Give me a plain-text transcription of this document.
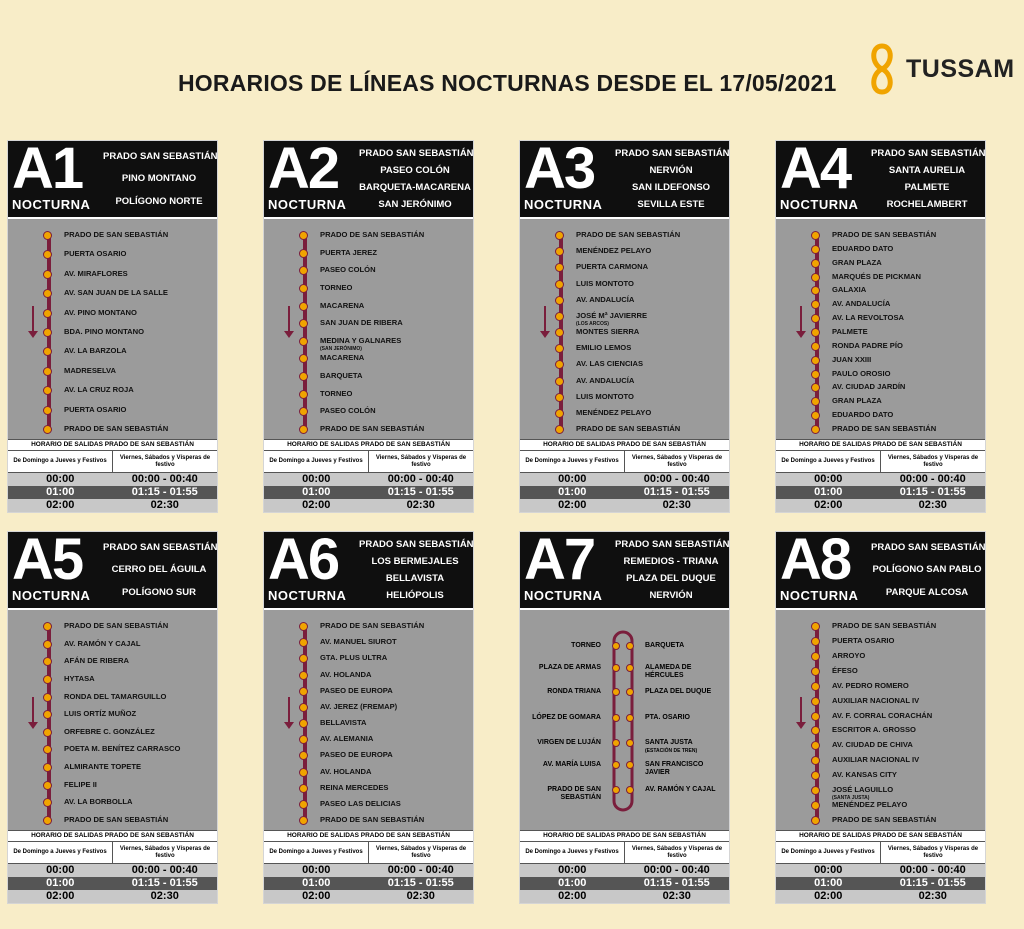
HORARIOS DE LÍNEAS NOCTURNAS DESDE EL 17/05/2021
TUSSAM
A1
NOCTURNA
PRADO SAN SEBASTIÁN
PINO MONTANO
POLÍGONO NORTE
PRADO DE SAN SEBASTIÁN
PUERTA OSARIO
AV. MIRAFLORES
AV. SAN JUAN DE LA SALLE
AV. PINO MONTANO
BDA. PINO MONTANO
AV. LA BARZOLA
MADRESELVA
AV. LA CRUZ ROJA
PUERTA OSARIO
PRADO DE SAN SEBASTIÁN
HORARIO DE SALIDAS PRADO DE SAN SEBASTIÁN
De Domingo a Jueves y Festivos
Viernes, Sábados y Vísperas de festivo
00:00	00:00 - 00:40
01:00	01:15 - 01:55
02:00	02:30
A2
NOCTURNA
PRADO SAN SEBASTIÁN
PASEO COLÓN
BARQUETA-MACARENA
SAN JERÓNIMO
PRADO DE SAN SEBASTIÁN
PUERTA JEREZ
PASEO COLÓN
TORNEO
MACARENA
SAN JUAN DE RIBERA
MEDINA Y GALNARES
(SAN JERÓNIMO)
MACARENA
BARQUETA
TORNEO
PASEO COLÓN
PRADO DE SAN SEBASTIÁN
HORARIO DE SALIDAS PRADO DE SAN SEBASTIÁN
De Domingo a Jueves y Festivos
Viernes, Sábados y Vísperas de festivo
00:00	00:00 - 00:40
01:00	01:15 - 01:55
02:00	02:30
A3
NOCTURNA
PRADO SAN SEBASTIÁN
NERVIÓN
SAN ILDEFONSO
SEVILLA ESTE
PRADO DE SAN SEBASTIÁN
MENÉNDEZ PELAYO
PUERTA CARMONA
LUIS MONTOTO
AV. ANDALUCÍA
JOSÉ Mª JAVIERRE
(LOS ARCOS)
MONTES SIERRA
EMILIO LEMOS
AV. LAS CIENCIAS
AV. ANDALUCÍA
LUIS MONTOTO
MENÉNDEZ PELAYO
PRADO DE SAN SEBASTIÁN
HORARIO DE SALIDAS PRADO DE SAN SEBASTIÁN
De Domingo a Jueves y Festivos
Viernes, Sábados y Vísperas de festivo
00:00	00:00 - 00:40
01:00	01:15 - 01:55
02:00	02:30
A4
NOCTURNA
PRADO SAN SEBASTIÁN
SANTA AURELIA
PALMETE
ROCHELAMBERT
PRADO DE SAN SEBASTIÁN
EDUARDO DATO
GRAN PLAZA
MARQUÉS DE PICKMAN
GALAXIA
AV. ANDALUCÍA
AV. LA REVOLTOSA
PALMETE
RONDA PADRE PÍO
JUAN XXIII
PAULO OROSIO
AV. CIUDAD JARDÍN
GRAN PLAZA
EDUARDO DATO
PRADO DE SAN SEBASTIÁN
HORARIO DE SALIDAS PRADO DE SAN SEBASTIÁN
De Domingo a Jueves y Festivos
Viernes, Sábados y Vísperas de festivo
00:00	00:00 - 00:40
01:00	01:15 - 01:55
02:00	02:30
A5
NOCTURNA
PRADO SAN SEBASTIÁN
CERRO DEL ÁGUILA
POLÍGONO SUR
PRADO DE SAN SEBASTIÁN
AV. RAMÓN Y CAJAL
AFÁN DE RIBERA
HYTASA
RONDA DEL TAMARGUILLO
LUIS ORTÍZ MUÑOZ
ORFEBRE C. GONZÁLEZ
POETA M. BENÍTEZ CARRASCO
ALMIRANTE TOPETE
FELIPE II
AV. LA BORBOLLA
PRADO DE SAN SEBASTIÁN
HORARIO DE SALIDAS PRADO DE SAN SEBASTIÁN
De Domingo a Jueves y Festivos
Viernes, Sábados y Vísperas de festivo
00:00	00:00 - 00:40
01:00	01:15 - 01:55
02:00	02:30
A6
NOCTURNA
PRADO SAN SEBASTIÁN
LOS BERMEJALES
BELLAVISTA
HELIÓPOLIS
PRADO DE SAN SEBASTIÁN
AV. MANUEL SIUROT
GTA. PLUS ULTRA
AV. HOLANDA
PASEO DE EUROPA
AV. JEREZ (FREMAP)
BELLAVISTA
AV. ALEMANIA
PASEO DE EUROPA
AV. HOLANDA
REINA MERCEDES
PASEO LAS DELICIAS
PRADO DE SAN SEBASTIÁN
HORARIO DE SALIDAS PRADO DE SAN SEBASTIÁN
De Domingo a Jueves y Festivos
Viernes, Sábados y Vísperas de festivo
00:00	00:00 - 00:40
01:00	01:15 - 01:55
02:00	02:30
A7
NOCTURNA
PRADO SAN SEBASTIÁN
REMEDIOS - TRIANA
PLAZA DEL DUQUE
NERVIÓN
TORNEO
PLAZA DE ARMAS
RONDA TRIANA
LÓPEZ DE GOMARA
VIRGEN DE LUJÁN
AV. MARÍA LUISA
PRADO DE SAN SEBASTIÁN
BARQUETA
ALAMEDA DE HÉRCULES
PLAZA DEL DUQUE
PTA. OSARIO
SANTA JUSTA
(ESTACIÓN DE TREN)
SAN FRANCISCO JAVIER
AV. RAMÓN Y CAJAL
HORARIO DE SALIDAS PRADO DE SAN SEBASTIÁN
De Domingo a Jueves y Festivos
Viernes, Sábados y Vísperas de festivo
00:00	00:00 - 00:40
01:00	01:15 - 01:55
02:00	02:30
A8
NOCTURNA
PRADO SAN SEBASTIÁN
POLÍGONO SAN PABLO
PARQUE ALCOSA
PRADO DE SAN SEBASTIÁN
PUERTA OSARIO
ARROYO
ÉFESO
AV. PEDRO ROMERO
AUXILIAR NACIONAL IV
AV. F. CORRAL CORACHÁN
ESCRITOR A. GROSSO
AV. CIUDAD DE CHIVA
AUXILIAR NACIONAL IV
AV. KANSAS CITY
JOSÉ LAGUILLO
(SANTA JUSTA)
MENÉNDEZ PELAYO
PRADO DE SAN SEBASTIÁN
HORARIO DE SALIDAS PRADO DE SAN SEBASTIÁN
De Domingo a Jueves y Festivos
Viernes, Sábados y Vísperas de festivo
00:00	00:00 - 00:40
01:00	01:15 - 01:55
02:00	02:30
